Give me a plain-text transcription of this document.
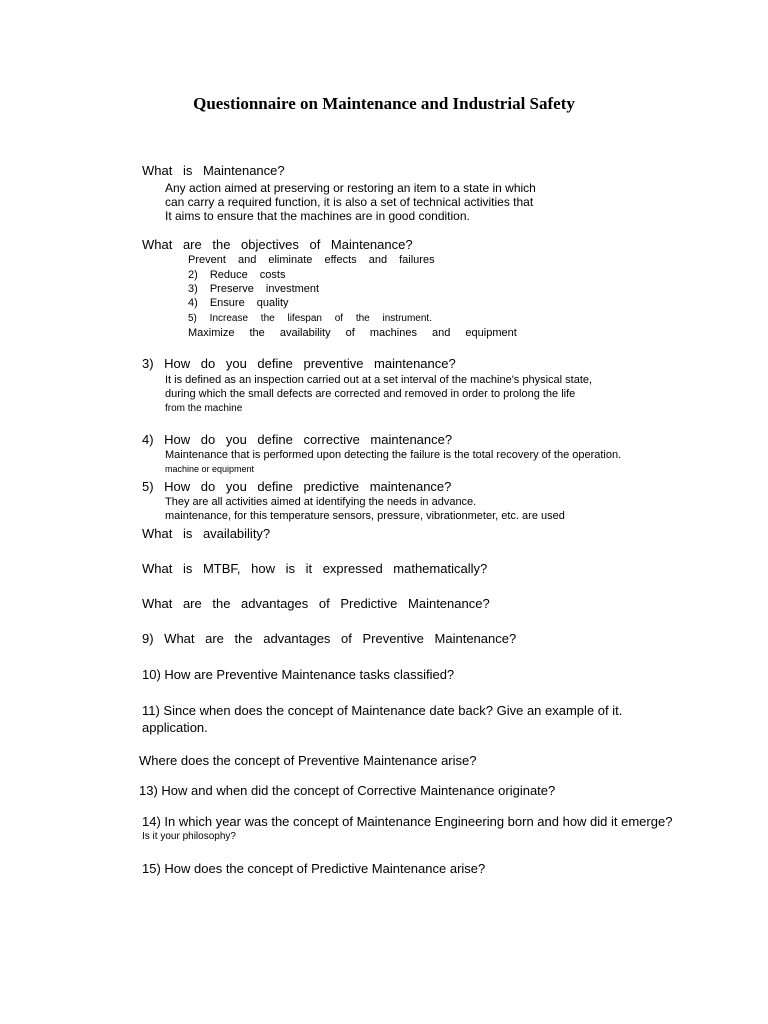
Questionnaire on Maintenance and Industrial Safety
What is Maintenance?
Any action aimed at preserving or restoring an item to a state in which
can carry a required function, it is also a set of technical activities that
It aims to ensure that the machines are in good condition.
What are the objectives of Maintenance?
Prevent and eliminate effects and failures
2) Reduce costs
3) Preserve investment
4) Ensure quality
5) Increase the lifespan of the instrument.
Maximize the availability of machines and equipment
3) How do you define preventive maintenance?
It is defined as an inspection carried out at a set interval of the machine's physical state,
during which the small defects are corrected and removed in order to prolong the life
from the machine
4) How do you define corrective maintenance?
Maintenance that is performed upon detecting the failure is the total recovery of the operation.
machine or equipment
5) How do you define predictive maintenance?
They are all activities aimed at identifying the needs in advance.
maintenance, for this temperature sensors, pressure, vibrationmeter, etc. are used
What is availability?
What is MTBF, how is it expressed mathematically?
What are the advantages of Predictive Maintenance?
9) What are the advantages of Preventive Maintenance?
10) How are Preventive Maintenance tasks classified?
11) Since when does the concept of Maintenance date back? Give an example of it.
application.
Where does the concept of Preventive Maintenance arise?
13) How and when did the concept of Corrective Maintenance originate?
14) In which year was the concept of Maintenance Engineering born and how did it emerge?
Is it your philosophy?
15) How does the concept of Predictive Maintenance arise?
